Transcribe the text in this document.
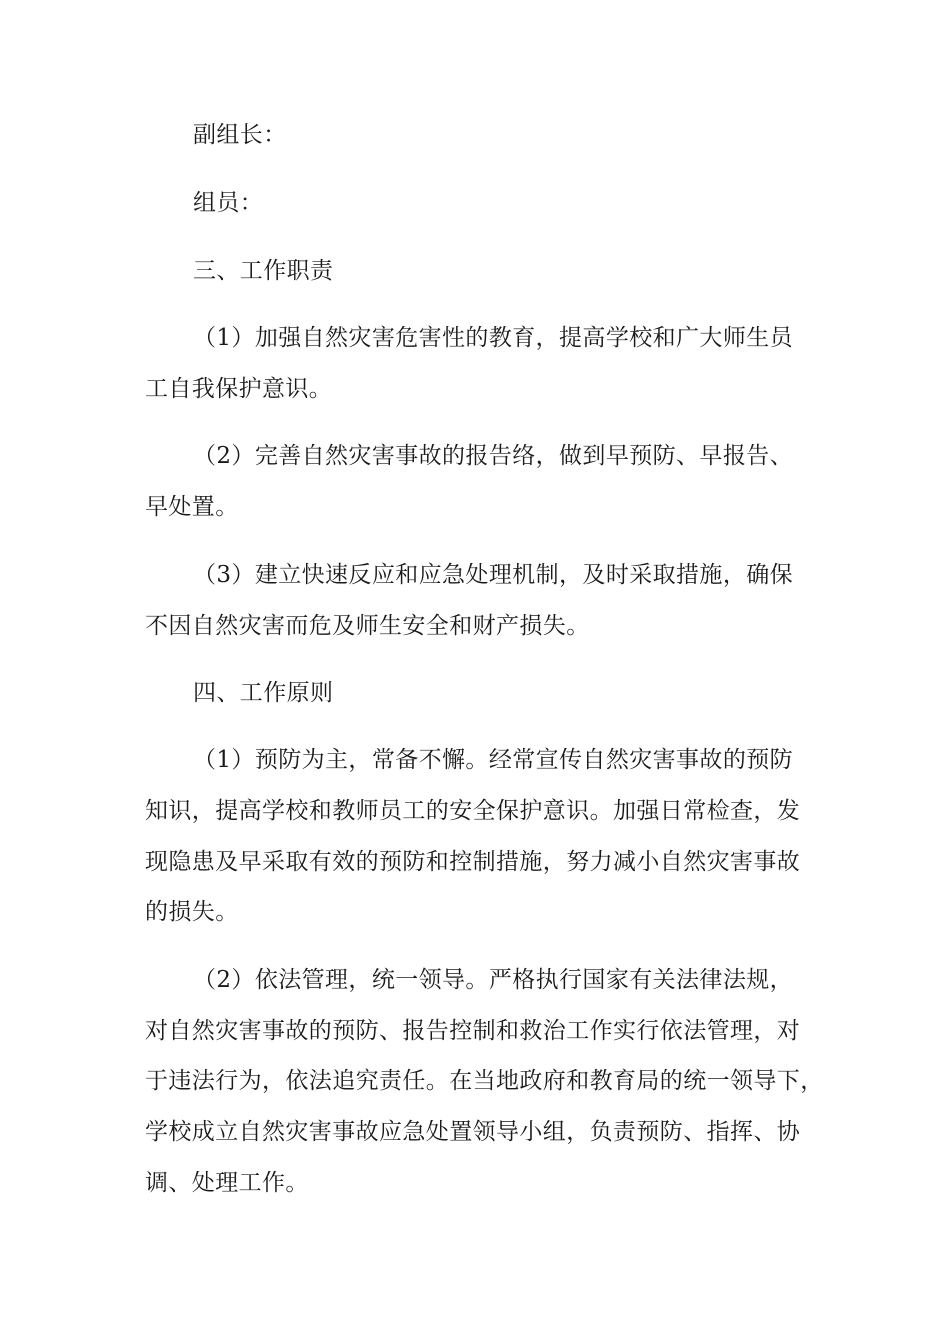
副组长：
组员：
三、工作职责
（1）加强自然灾害危害性的教育，提高学校和广大师生员
工自我保护意识。
（2）完善自然灾害事故的报告络，做到早预防、早报告、
早处置。
（3）建立快速反应和应急处理机制，及时采取措施，确保
不因自然灾害而危及师生安全和财产损失。
四、工作原则
（1）预防为主，常备不懈。经常宣传自然灾害事故的预防
知识，提高学校和教师员工的安全保护意识。加强日常检查，发
现隐患及早采取有效的预防和控制措施，努力减小自然灾害事故
的损失。
（2）依法管理，统一领导。严格执行国家有关法律法规，
对自然灾害事故的预防、报告控制和救治工作实行依法管理，对
于违法行为，依法追究责任。在当地政府和教育局的统一领导下，
学校成立自然灾害事故应急处置领导小组，负责预防、指挥、协
调、处理工作。
